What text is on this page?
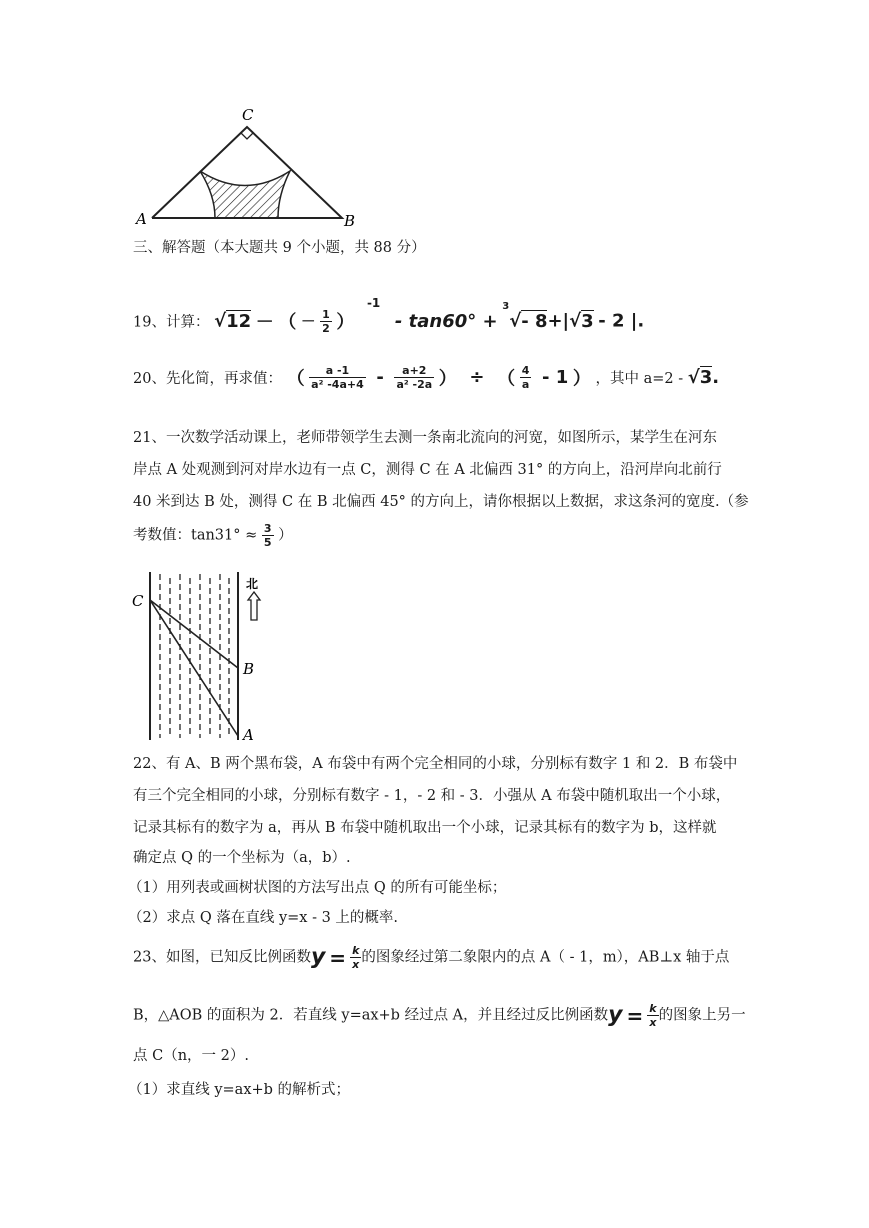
C
A	B
三、解答题（本大题共 9 个小题，共 88 分）
19、计算： √12 － （ － $\frac{1}{2}$ ） $^{-1}$ - tan60° + $^3$√- 8+|√3 - 2 |.
20、先化简，再求值： （ $\frac{a -1}{\text{a² -4a+4}} - \frac{a+2}{\text{a² -2a}}$ ） ÷ （ $\frac{4}{a} - 1$ ） ，其中 a=2 - √3.
21、一次数学活动课上，老师带领学生去测一条南北流向的河宽，如图所示，某学生在河东
岸点 A 处观测到河对岸水边有一点 C，测得 C 在 A 北偏西 31° 的方向上，沿河岸向北前行
40 米到达 B 处，测得 C 在 B 北偏西 45° 的方向上，请你根据以上数据，求这条河的宽度.（参
考数值：$\tan 31^\circ \approx \frac{3}{5}$ ）
C
B
A
北
22、有 A、B 两个黑布袋，A 布袋中有两个完全相同的小球，分别标有数字 1 和 2．B 布袋中
有三个完全相同的小球，分别标有数字 - 1，- 2 和 - 3．小强从 A 布袋中随机取出一个小球，
记录其标有的数字为 a，再从 B 布袋中随机取出一个小球，记录其标有的数字为 b，这样就
确定点 Q 的一个坐标为（a，b）.
（1）用列表或画树状图的方法写出点 Q 的所有可能坐标；
（2）求点 Q 落在直线 y=x - 3 上的概率.
23、如图，已知反比例函数$y = \frac{k}{x}$ 的图象经过第二象限内的点 A（ - 1，m），AB⊥x 轴于点
B，△AOB 的面积为 2．若直线 y=ax+b 经过点 A，并且经过反比例函数$y = \frac{k}{x}$ 的图象上另一
点 C（n，一 2）.
（1）求直线 y=ax+b 的解析式；
